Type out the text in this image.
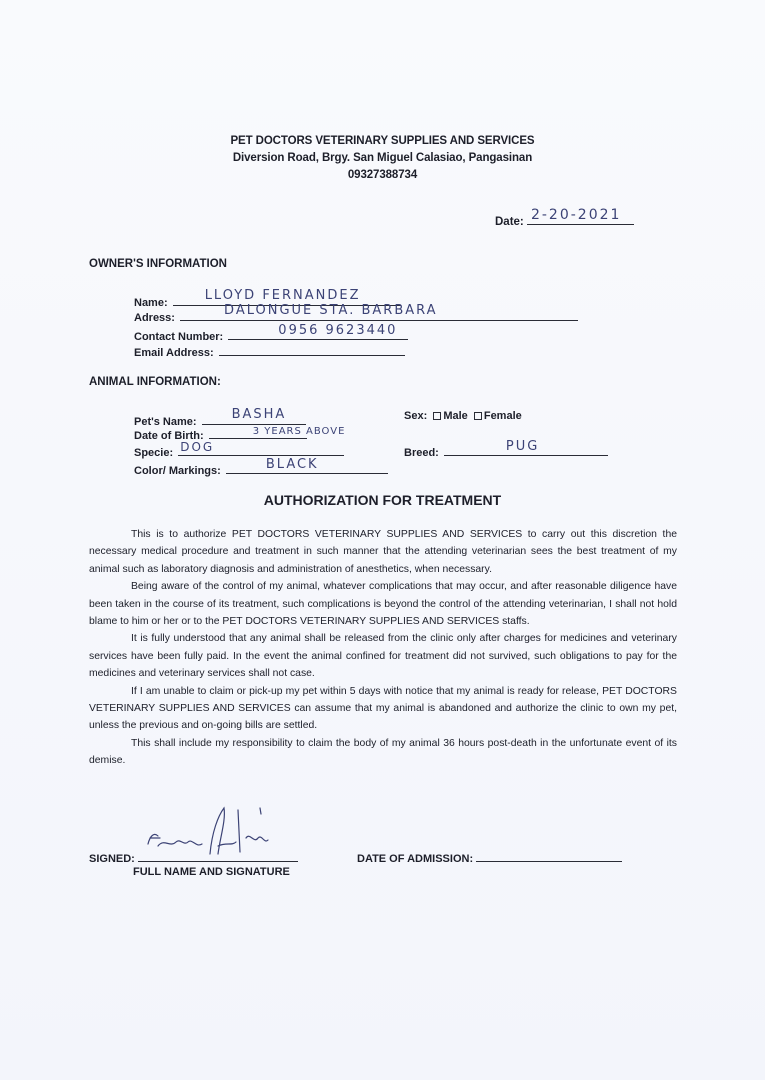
PET DOCTORS VETERINARY SUPPLIES AND SERVICES
Diversion Road, Brgy. San Miguel Calasiao, Pangasinan
09327388734
Date: 2-20-2021
OWNER'S INFORMATION
Name:	LLOYD FERNANDEZ
Adress:	DALONGUE STA. BARBARA
Contact Number:	0956 9623440
Email Address:
ANIMAL INFORMATION:
Pet's Name:	BASHA
Date of Birth:	3 YEARS ABOVE
Specie: DOG
Color/ Markings:	BLACK
Sex: Male Female
Breed:	PUG
AUTHORIZATION FOR TREATMENT

This is to authorize PET DOCTORS VETERINARY SUPPLIES AND SERVICES to carry out this discretion the necessary medical procedure and treatment in such manner that the attending veterinarian sees the best treatment of my animal such as laboratory diagnosis and administration of anesthetics, when necessary.

Being aware of the control of my animal, whatever complications that may occur, and after reasonable diligence have been taken in the course of its treatment, such complications is beyond the control of the attending veterinarian, I shall not hold blame to him or her or to the PET DOCTORS VETERINARY SUPPLIES AND SERVICES staffs.

It is fully understood that any animal shall be released from the clinic only after charges for medicines and veterinary services have been fully paid. In the event the animal confined for treatment did not survived, such obligations to pay for the medicines and veterinary services shall not case.

If I am unable to claim or pick-up my pet within 5 days with notice that my animal is ready for release, PET DOCTORS VETERINARY SUPPLIES AND SERVICES can assume that my animal is abandoned and authorize the clinic to own my pet, unless the previous and on-going bills are settled.

This shall include my responsibility to claim the body of my animal 36 hours post-death in the unfortunate event of its demise.

SIGNED:
FULL NAME AND SIGNATURE
DATE OF ADMISSION:
